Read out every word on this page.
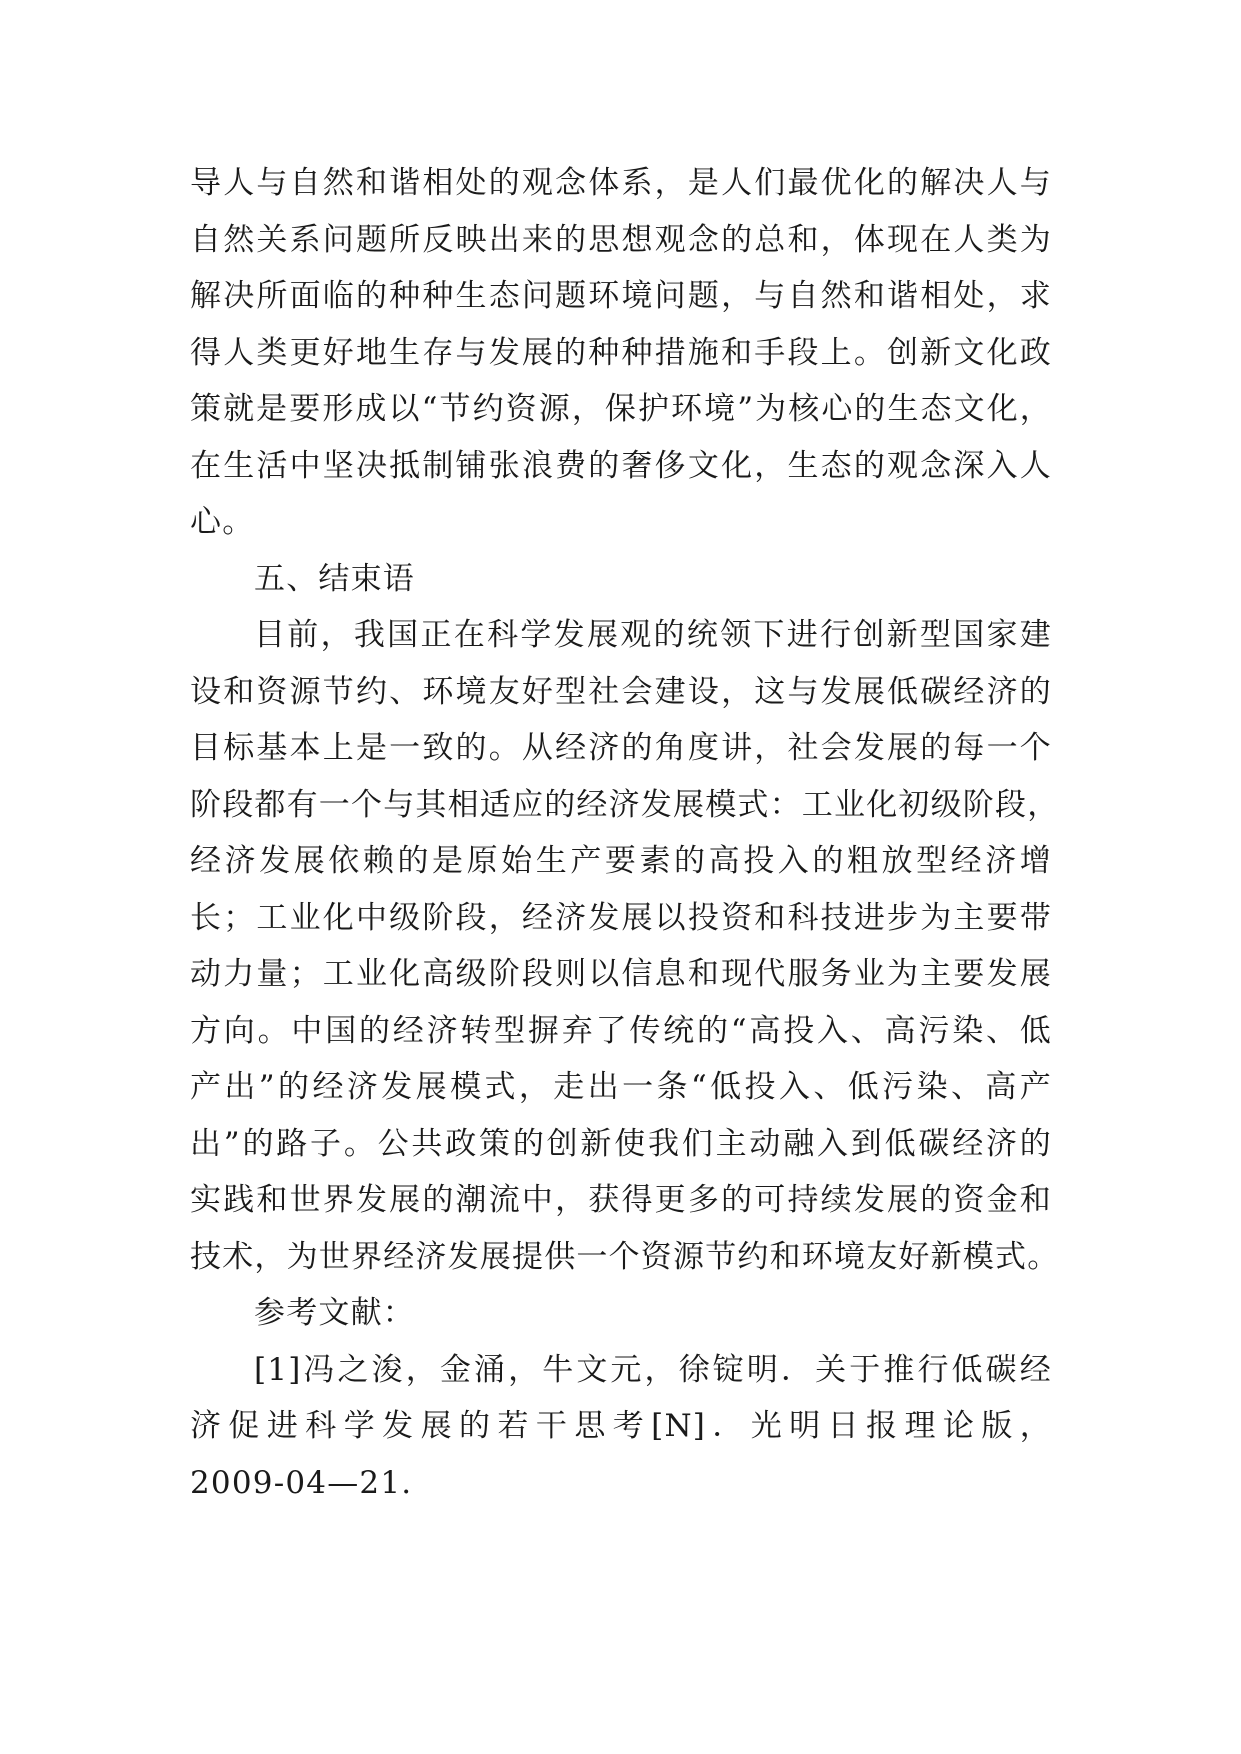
导人与自然和谐相处的观念体系，是人们最优化的解决人与
自然关系问题所反映出来的思想观念的总和，体现在人类为
解决所面临的种种生态问题环境问题，与自然和谐相处，求
得人类更好地生存与发展的种种措施和手段上。创新文化政
策就是要形成以“节约资源，保护环境”为核心的生态文化，
在生活中坚决抵制铺张浪费的奢侈文化，生态的观念深入人
心。
五、结束语
目前，我国正在科学发展观的统领下进行创新型国家建
设和资源节约、环境友好型社会建设，这与发展低碳经济的
目标基本上是一致的。从经济的角度讲，社会发展的每一个
阶段都有一个与其相适应的经济发展模式：工业化初级阶段，
经济发展依赖的是原始生产要素的高投入的粗放型经济增
长；工业化中级阶段，经济发展以投资和科技进步为主要带
动力量；工业化高级阶段则以信息和现代服务业为主要发展
方向。中国的经济转型摒弃了传统的“高投入、高污染、低
产出”的经济发展模式，走出一条“低投入、低污染、高产
出”的路子。公共政策的创新使我们主动融入到低碳经济的
实践和世界发展的潮流中，获得更多的可持续发展的资金和
技术，为世界经济发展提供一个资源节约和环境友好新模式。
参考文献：
[1]冯之浚，金涌，牛文元，徐锭明．关于推行低碳经
济促进科学发展的若干思考[N]．光明日报理论版，
2009-04—21.
